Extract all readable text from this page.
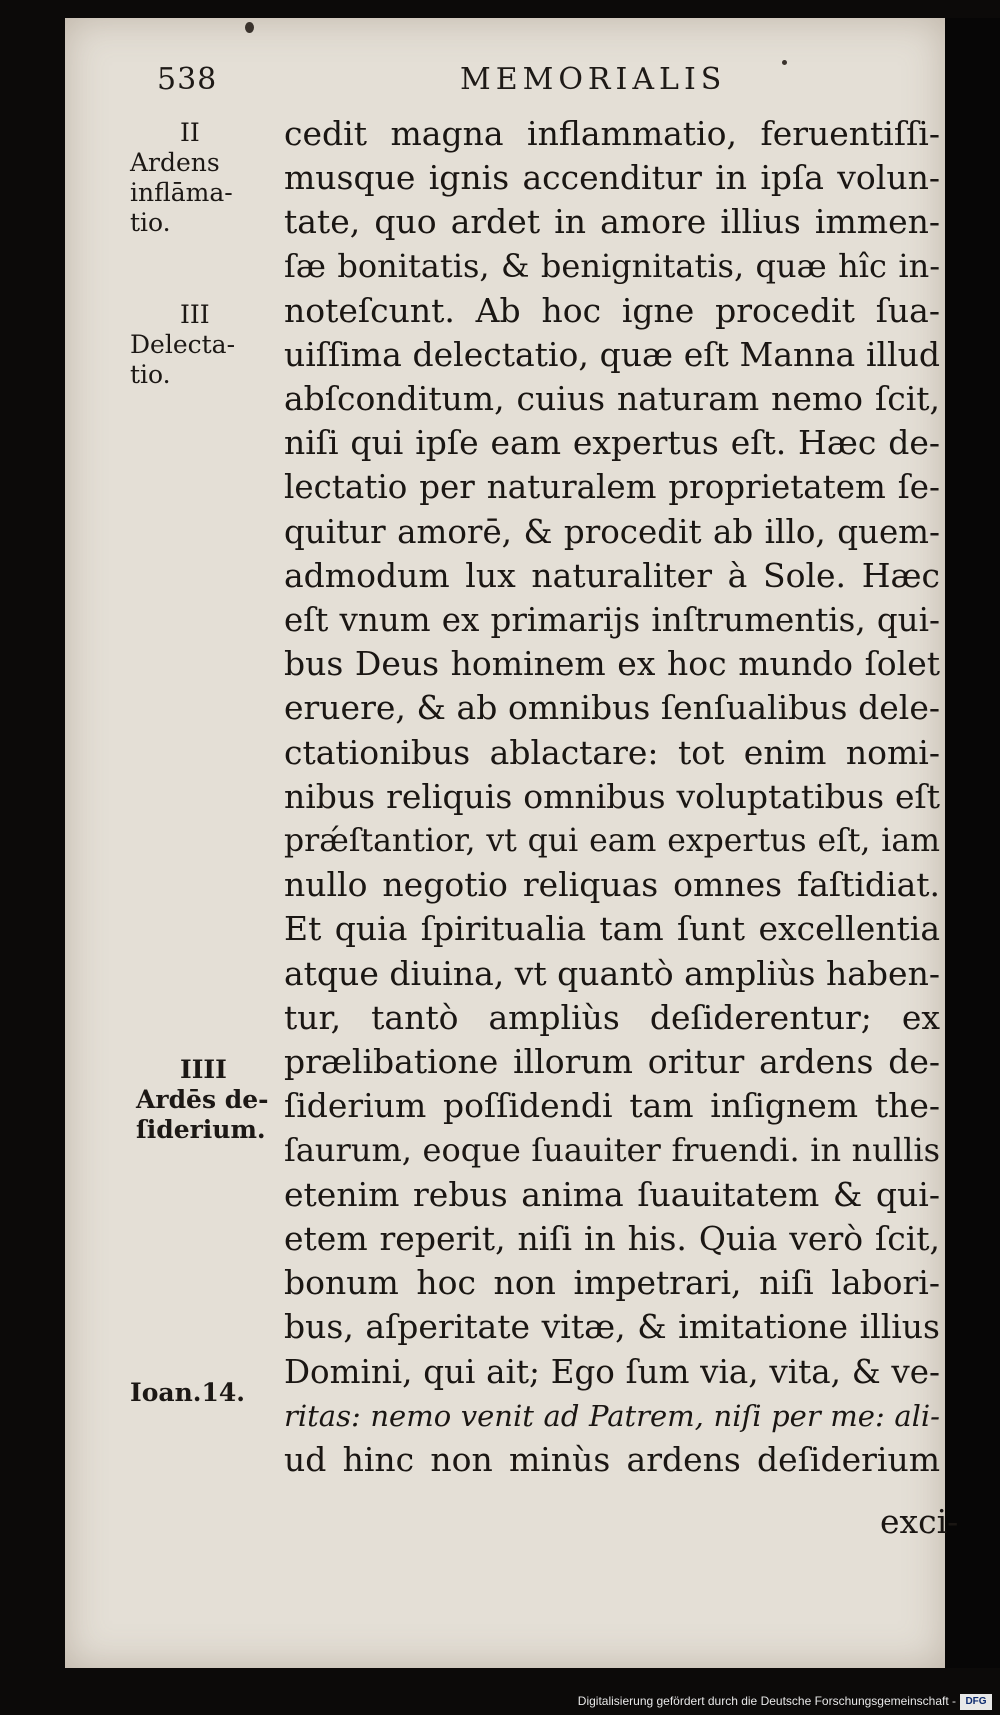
538	MEMORIALIS
II
Ardens
inflāma-
tio.
III
Delecta-
tio.
IIII
Ardēs de-
ſiderium.
Ioan.14.
cedit magna inflammatio, feruentiſſi-
musque ignis accenditur in ipſa volun-
tate, quo ardet in amore illius immen-
ſæ bonitatis, & benignitatis, quæ hîc in-
noteſcunt. Ab hoc igne procedit ſua-
uiſſima delectatio, quæ eſt Manna illud
abſconditum, cuius naturam nemo ſcit,
niſi qui ipſe eam expertus eſt. Hæc de-
lectatio per naturalem proprietatem ſe-
quitur amorē, & procedit ab illo, quem-
admodum lux naturaliter à Sole. Hæc
eſt vnum ex primarijs inſtrumentis, qui-
bus Deus hominem ex hoc mundo ſolet
eruere, & ab omnibus ſenſualibus dele-
ctationibus ablactare: tot enim nomi-
nibus reliquis omnibus voluptatibus eſt
prǽſtantior, vt qui eam expertus eſt, iam
nullo negotio reliquas omnes faſtidiat.
Et quia ſpiritualia tam ſunt excellentia
atque diuina, vt quantò ampliùs haben-
tur, tantò ampliùs deſiderentur; ex
prælibatione illorum oritur ardens de-
ſiderium poſſidendi tam inſignem the-
ſaurum, eoque ſuauiter fruendi. in nullis
etenim rebus anima ſuauitatem & qui-
etem reperit, niſi in his. Quia verò ſcit,
bonum hoc non impetrari, niſi labori-
bus, aſperitate vitæ, & imitatione illius
Domini, qui ait; Ego ſum via, vita, & ve-
ritas: nemo venit ad Patrem, niſi per me: ali-
ud hinc non minùs ardens deſiderium
exci-
Digitalisierung gefördert durch die Deutsche Forschungsgemeinschaft - DFG
